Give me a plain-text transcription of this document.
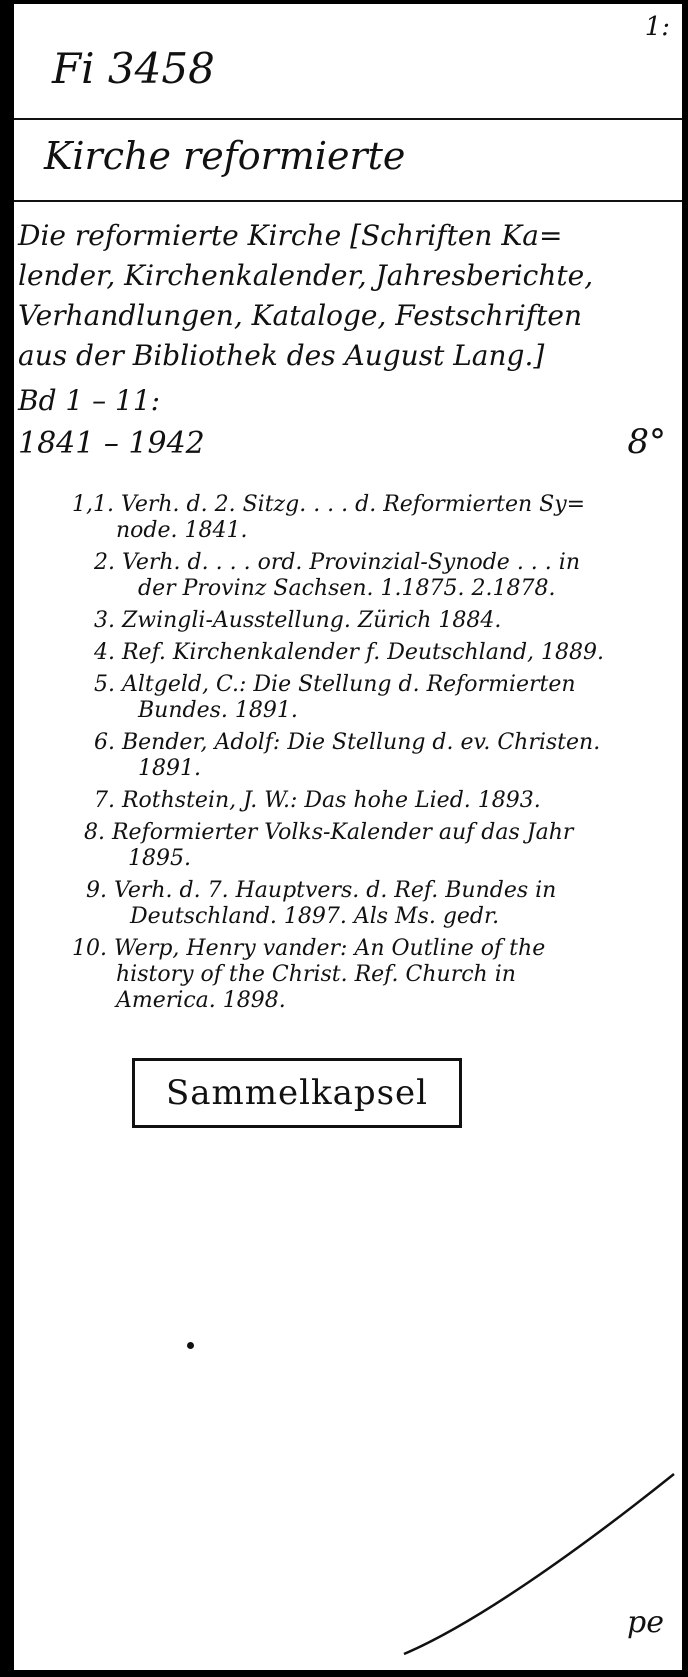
1:
Fi 3458
Kirche reformierte
Die reformierte Kirche [Schriften Ka=
lender, Kirchenkalender, Jahresberichte,
Verhandlungen, Kataloge, Festschriften
aus der Bibliothek des August Lang.]
Bd 1 – 11:
1841 – 1942	8°
1,1. Verh. d. 2. Sitzg. . . . d. Reformierten Sy=
node. 1841.
2. Verh. d. . . . ord. Provinzial-Synode . . . in
der Provinz Sachsen. 1.1875. 2.1878.
3. Zwingli-Ausstellung. Zürich 1884.
4. Ref. Kirchenkalender f. Deutschland, 1889.
5. Altgeld, C.: Die Stellung d. Reformierten
Bundes. 1891.
6. Bender, Adolf: Die Stellung d. ev. Christen.
1891.
7. Rothstein, J. W.: Das hohe Lied. 1893.
8. Reformierter Volks-Kalender auf das Jahr
1895.
9. Verh. d. 7. Hauptvers. d. Ref. Bundes in
Deutschland. 1897. Als Ms. gedr.
10. Werp, Henry vander: An Outline of the
history of the Christ. Ref. Church in
America. 1898.
Sammelkapsel
pe
